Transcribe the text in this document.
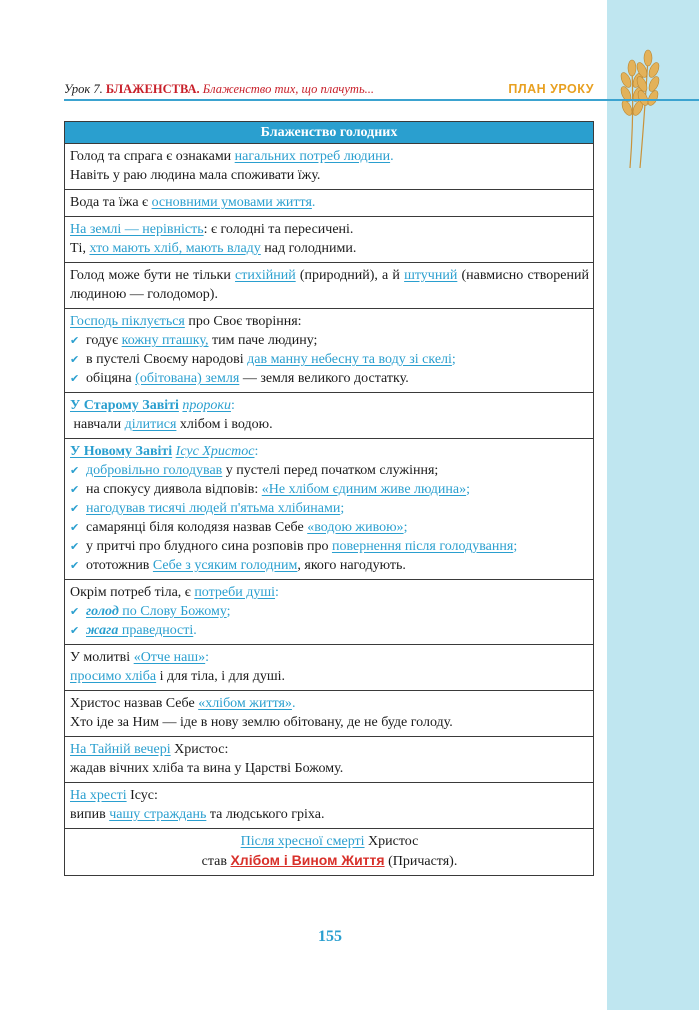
Урок 7. БЛАЖЕНСТВА. Блаженство тих, що плачуть...	ПЛАН УРОКУ
Блаженство голодних
Голод та спрага є ознаками нагальних потреб людини.
Навіть у раю людина мала споживати їжу.

Вода та їжа є основними умовами життя.
На землі — нерівність: є голодні та пересичені.
Ті, хто мають хліб, мають владу над голодними.

Голод може бути не тільки стихійний (природний), а й штучний (навмисно створений людиною — голодомор).
Господь піклується про Своє творіння:
✔ годує кожну пташку, тим паче людину;
✔ в пустелі Своєму народові дав манну небесну та воду зі скелі;
✔ обіцяна (обітована) земля — земля великого достатку.

У Старому Завіті пророки:
навчали ділитися хлібом і водою.

У Новому Завіті Ісус Христос:
✔ добровільно голодував у пустелі перед початком служіння;
✔ на спокусу диявола відповів: «Не хлібом єдиним живе людина»;
✔ нагодував тисячі людей п'ятьма хлібинами;
✔ самарянці біля колодязя назвав Себе «водою живою»;
✔ у притчі про блудного сина розповів про повернення після голодування;
✔ ототожнив Себе з усяким голодним, якого нагодують.

Окрім потреб тіла, є потреби душі:
✔ голод по Слову Божому;
✔ жага праведності.

У молитві «Отче наш»:
просимо хліба і для тіла, і для душі.

Христос назвав Себе «хлібом життя».
Хто іде за Ним — іде в нову землю обітовану, де не буде голоду.

На Тайній вечері Христос:
жадав вічних хліба та вина у Царстві Божому.

На хресті Ісус:
випив чашу страждань та людського гріха.

Після хресної смерті Христос
став Хлібом і Вином Життя (Причастя).
155
